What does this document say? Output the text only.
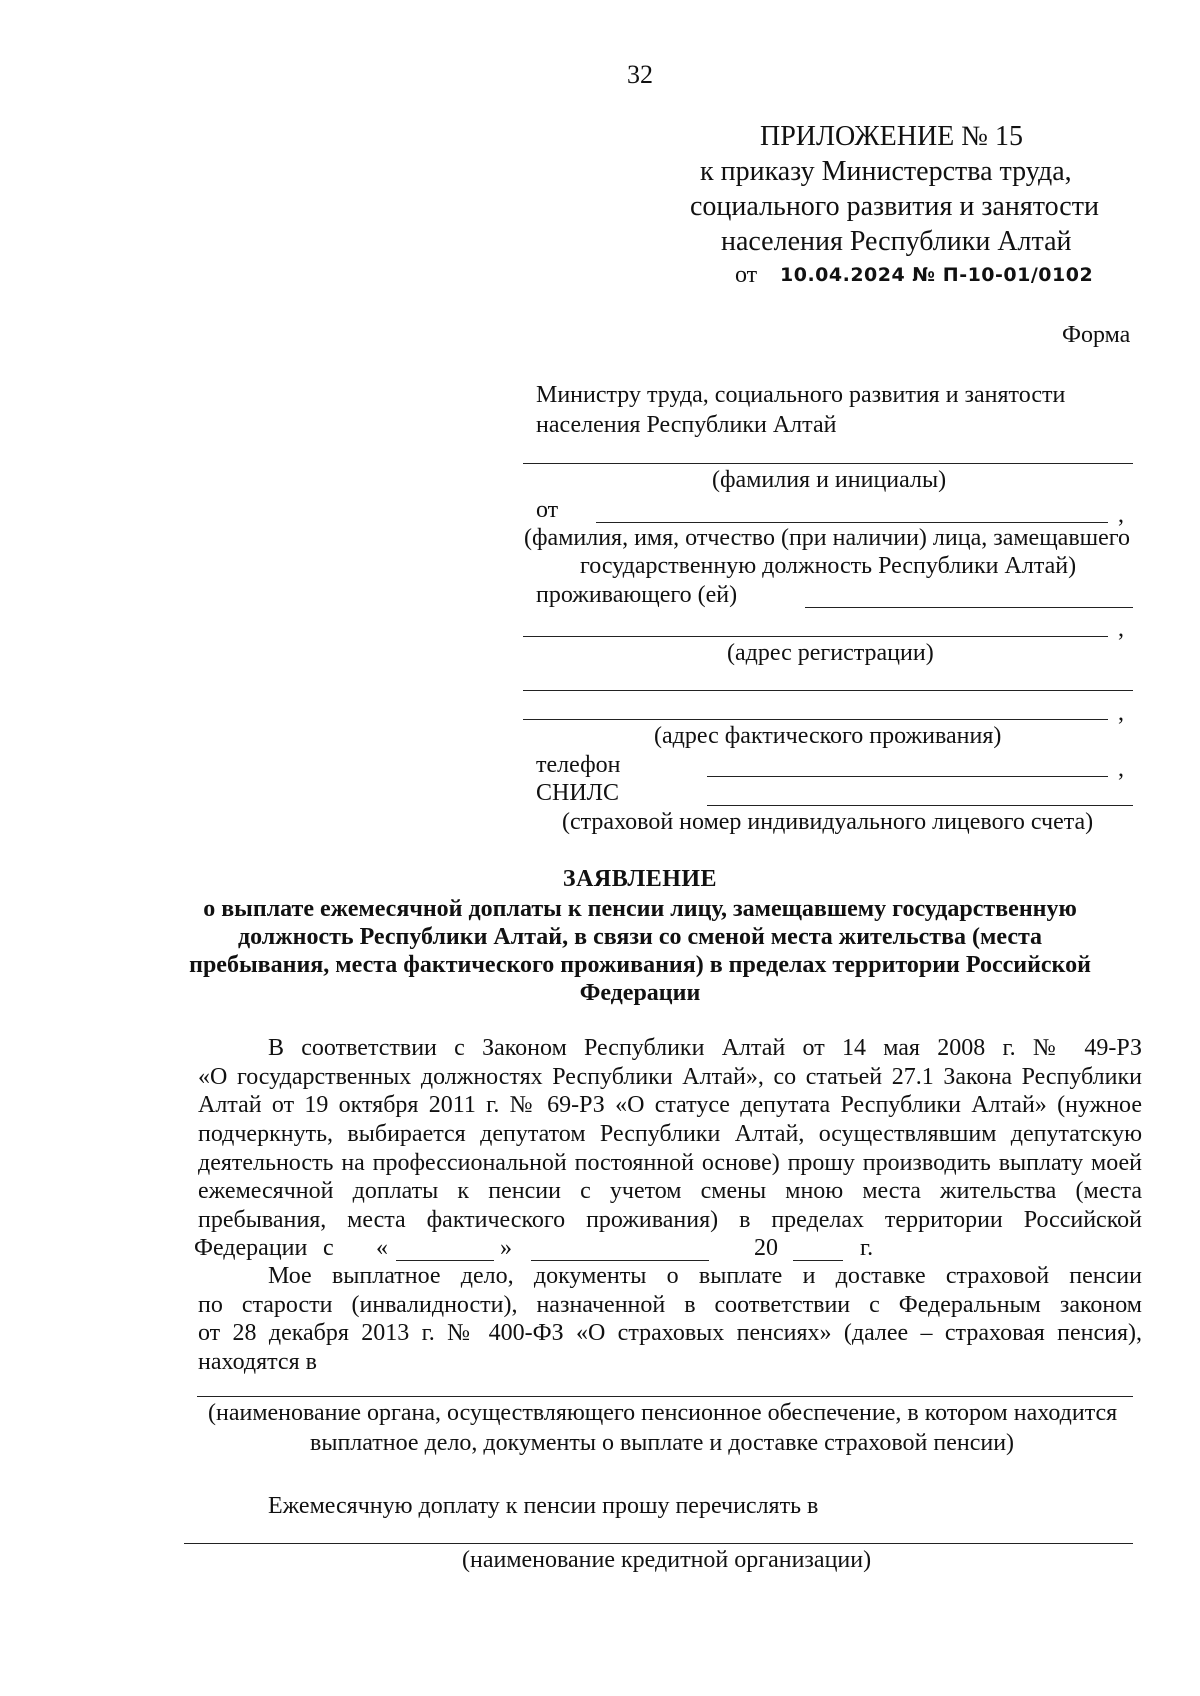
32
ПРИЛОЖЕНИЕ № 15
к приказу Министерства труда,
социального развития и занятости
населения Республики Алтай
от 10.04.2024 № П-10-01/0102
Форма
Министру труда, социального развития и занятости
населения Республики Алтай
(фамилия и инициалы)
от	,
(фамилия, имя, отчество (при наличии) лица, замещавшего
государственную должность Республики Алтай)
проживающего (ей)
,
(адрес регистрации)
,
(адрес фактического проживания)
телефон	,
СНИЛС
(страховой номер индивидуального лицевого счета)
ЗАЯВЛЕНИЕ
о выплате ежемесячной доплаты к пенсии лицу, замещавшему государственную
должность Республики Алтай, в связи со сменой места жительства (места
пребывания, места фактического проживания) в пределах территории Российской
Федерации
В соответствии с Законом Республики Алтай от 14 мая 2008 г. № 49-РЗ
«О государственных должностях Республики Алтай», со статьей 27.1 Закона Республики
Алтай от 19 октября 2011 г. № 69-РЗ «О статусе депутата Республики Алтай» (нужное
подчеркнуть, выбирается депутатом Республики Алтай, осуществлявшим депутатскую
деятельность на профессиональной постоянной основе) прошу производить выплату моей
ежемесячной доплаты к пенсии с учетом смены мною места жительства (места
пребывания, места фактического проживания) в пределах территории Российской
Федерации с «	»	20	г.
Мое выплатное дело, документы о выплате и доставке страховой пенсии
по старости (инвалидности), назначенной в соответствии с Федеральным законом
от 28 декабря 2013 г. № 400-ФЗ «О страховых пенсиях» (далее – страховая пенсия),
находятся в
(наименование органа, осуществляющего пенсионное обеспечение, в котором находится
выплатное дело, документы о выплате и доставке страховой пенсии)
Ежемесячную доплату к пенсии прошу перечислять в
(наименование кредитной организации)
